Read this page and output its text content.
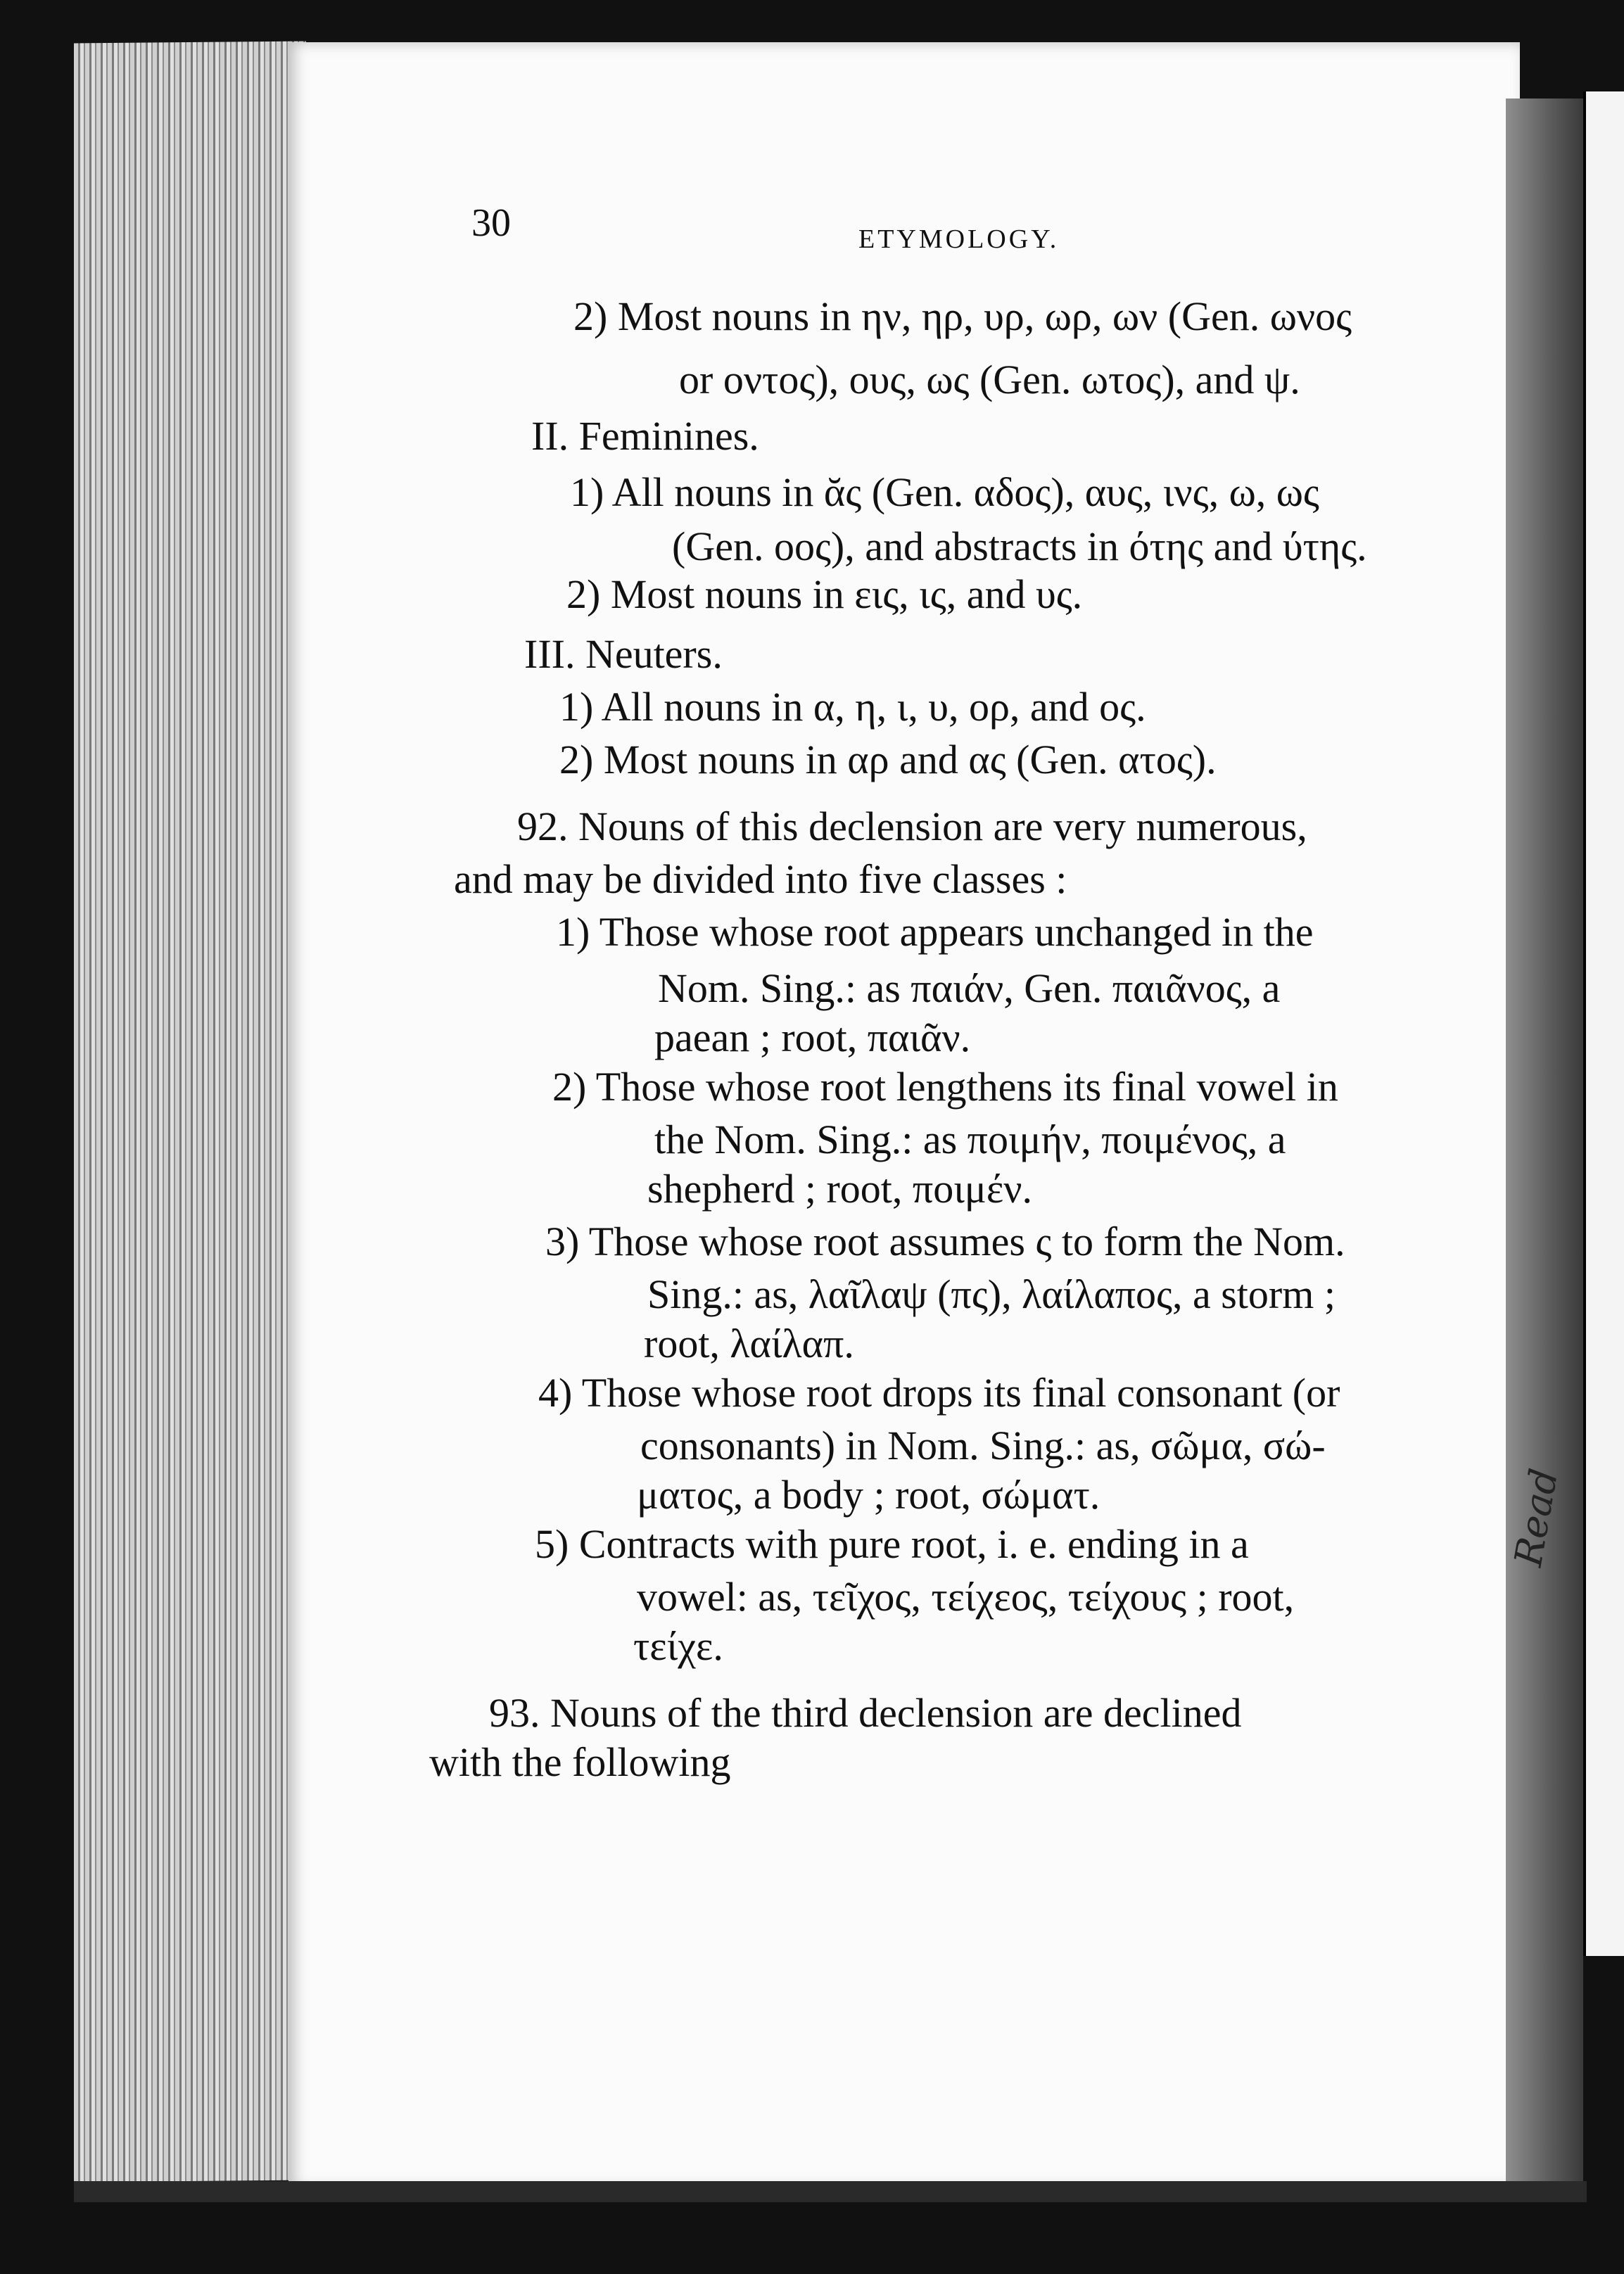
30	ETYMOLOGY.
2) Most nouns in ην, ηρ, υρ, ωρ, ων (Gen. ωνος
or οντος), ους, ως (Gen. ωτος), and ψ.
II. Feminines.
1) All nouns in ᾰς (Gen. αδος), αυς, ινς, ω, ως
(Gen. οος), and abstracts in ότης and ύτης.
2) Most nouns in εις, ις, and υς.
III. Neuters.
1) All nouns in α, η, ι, υ, ορ, and ος.
2) Most nouns in αρ and ας (Gen. ατος).
92. Nouns of this declension are very numerous,
and may be divided into five classes :
1) Those whose root appears unchanged in the
Nom. Sing.: as παιάν, Gen. παιᾶνος, a
paean ; root, παιᾶν.
2) Those whose root lengthens its final vowel in
the Nom. Sing.: as ποιμήν, ποιμένος, a
shepherd ; root, ποιμέν.
3) Those whose root assumes ς to form the Nom.
Sing.: as, λαῖλαψ (πς), λαίλαπος, a storm ;
root, λαίλαπ.
4) Those whose root drops its final consonant (or
consonants) in Nom. Sing.: as, σῶμα, σώ-
ματος, a body ; root, σώματ.
5) Contracts with pure root, i. e. ending in a
vowel: as, τεῖχος, τείχεος, τείχους ; root,
τείχε.
93. Nouns of the third declension are declined
with the following
Read
